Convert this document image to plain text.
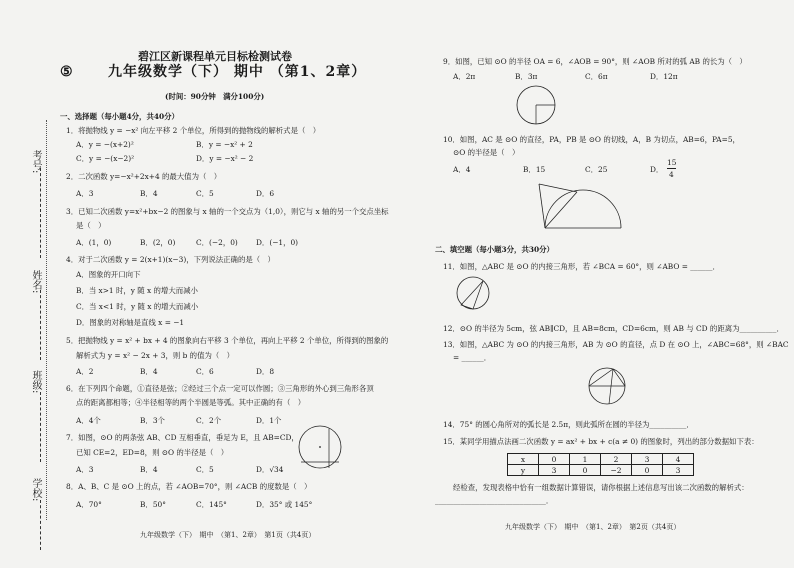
考号:
姓名:
班级:
学校:
碧江区新课程单元目标检测试卷
⑤ 九年级数学（下） 期中 （第1、2章）
(时间：90分钟　满分100分)
一、选择题（每小题4分，共40分）
1．将抛物线 y = −x² 向左平移 2 个单位，所得到的抛物线的解析式是（　）
A．y = −(x+2)²	B．y = −x² + 2
C．y = −(x−2)²	D．y = −x² − 2
2．二次函数 y=−x²+2x+4 的最大值为（　）
A．3	B．4	C．5	D．6
3．已知二次函数 y=x²+bx−2 的图象与 x 轴的一个交点为（1,0），则它与 x 轴的另一个交点坐标
是（　）
A．(1，0)	B．(2，0)	C．(−2，0) D．(−1，0)
4．对于二次函数 y = 2(x+1)(x−3)，下列说法正确的是（　）
A．图象的开口向下
B．当 x>1 时，y 随 x 的增大而减小
C．当 x<1 时，y 随 x 的增大而减小
D．图象的对称轴是直线 x = −1
5．把抛物线 y = x² + bx + 4 的图象向右平移 3 个单位，再向上平移 2 个单位，所得到的图象的
解析式为 y = x² − 2x + 3，则 b 的值为（　）
A．2	B．4	C．6	D．8
6．在下列四个命题，①直径是弦；②经过三个点一定可以作圆；③三角形的外心到三角形各顶
点的距离都相等；④半径相等的两个半圆是等弧。其中正确的有（　）
A．4个	B．3个	C．2个	D．1个
7．如图，⊙O 的两条弦 AB、CD 互相垂直，垂足为 E，且 AB=CD，
已知 CE=2，ED=8，则 ⊙O 的半径是（　）
A．3	B．4	C．5	D．√34
8．A、B、C 是 ⊙O 上的点，若 ∠AOB=70°，则 ∠ACB 的度数是（　）
A．70°	B．50°	C．145°	D．35° 或 145°
九年级数学（下）　期中　（第1、2章）　第1页（共4页）
9．如图，已知 ⊙O 的半径 OA = 6，∠AOB = 90°，则 ∠AOB 所对的弧 AB 的长为（　）
A．2π	B．3π	C．6π	D．12π
10．如图，AC 是 ⊙O 的直径，PA，PB 是 ⊙O 的切线，A，B 为切点，AB=6，PA=5，
⊙O 的半径是（　）
A．4	B．15	C．25	D．
15
4
二、填空题（每小题3分，共30分）
11．如图，△ABC 是 ⊙O 的内接三角形，若 ∠BCA = 60°，则 ∠ABO = ______．
12．⊙O 的半径为 5cm，弦 AB∥CD，且 AB=8cm，CD=6cm，则 AB 与 CD 的距离为__________．
13．如图，△ABC 为 ⊙O 的内接三角形，AB 为 ⊙O 的直径，点 D 在 ⊙O 上，∠ABC=68°，则 ∠BAC
= ______．
14．75° 的圆心角所对的弧长是 2.5π，则此弧所在圆的半径为__________．
15．某同学用描点法画二次函数 y = ax² + bx + c(a ≠ 0) 的图象时，列出的部分数据如下表：
x	0	1	2	3	4
y	3	0	−2	0	3
经检查，发现表格中恰有一组数据计算错误，请你根据上述信息写出该二次函数的解析式：
______________________________．
九年级数学（下）　期中　（第1、2章）　第2页（共4页）
